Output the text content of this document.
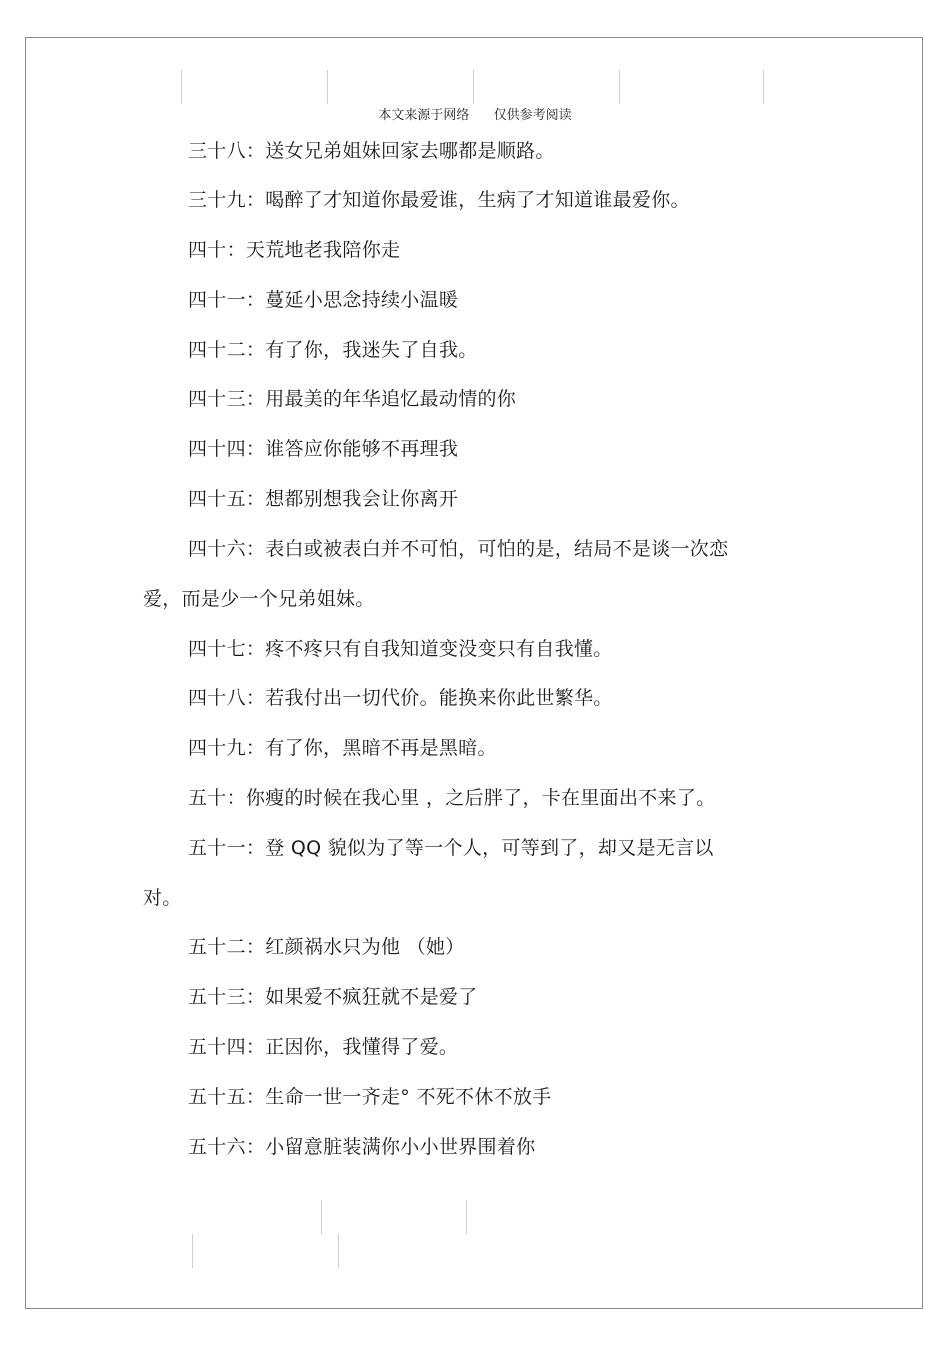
本文来源于网络 仅供参考阅读
三十八：送女兄弟姐妹回家去哪都是顺路。
三十九：喝醉了才知道你最爱谁，生病了才知道谁最爱你。
四十：天荒地老我陪你走
四十一：蔓延小思念持续小温暖
四十二：有了你，我迷失了自我。
四十三：用最美的年华追忆最动情的你
四十四：谁答应你能够不再理我
四十五：想都别想我会让你离开
四十六：表白或被表白并不可怕，可怕的是，结局不是谈一次恋
爱，而是少一个兄弟姐妹。
四十七：疼不疼只有自我知道变没变只有自我懂。
四十八：若我付出一切代价。能换来你此世繁华。
四十九：有了你，黑暗不再是黑暗。
五十：你瘦的时候在我心里 ，之后胖了，卡在里面出不来了。
五十一：登 QQ 貌似为了等一个人，可等到了，却又是无言以
对。
五十二：红颜祸水只为他 （她）
五十三：如果爱不疯狂就不是爱了
五十四：正因你，我懂得了爱。
五十五：生命一世一齐走° 不死不休不放手
五十六：小留意脏装满你小小世界围着你
